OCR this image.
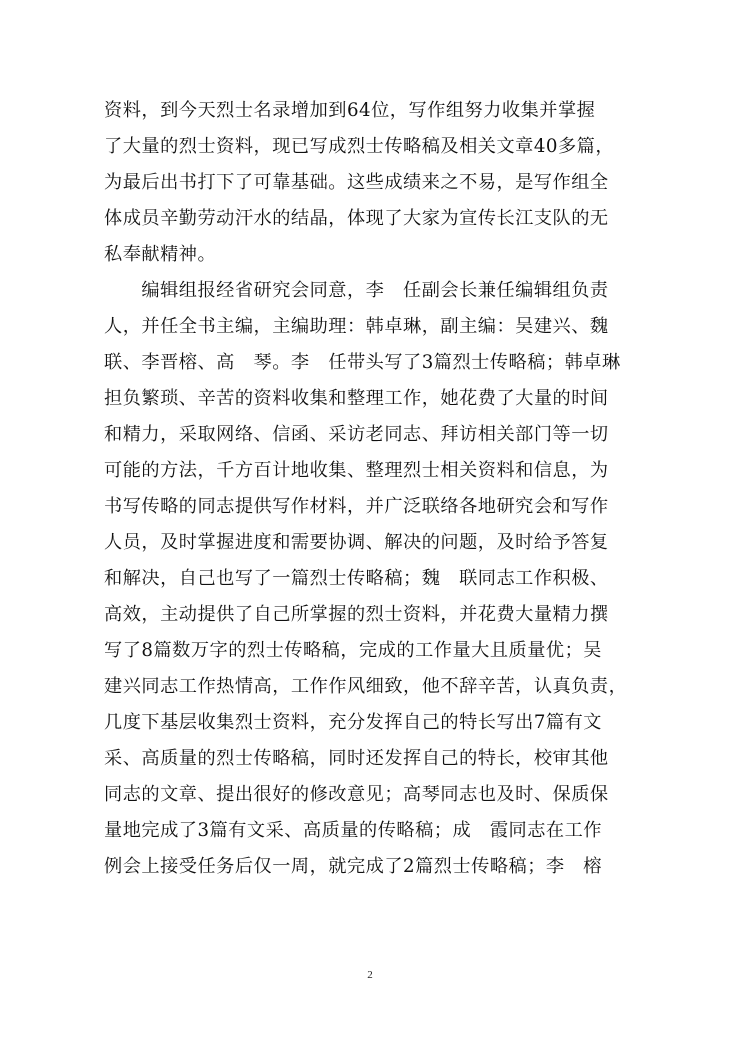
资料，到今天烈士名录增加到64位，写作组努力收集并掌握
了大量的烈士资料，现已写成烈士传略稿及相关文章40多篇，
为最后出书打下了可靠基础。这些成绩来之不易，是写作组全
体成员辛勤劳动汗水的结晶，体现了大家为宣传长江支队的无
私奉献精神。
　　编辑组报经省研究会同意，李　任副会长兼任编辑组负责
人，并任全书主编，主编助理：韩卓琳，副主编：吴建兴、魏
联、李晋榕、高　琴。李　任带头写了3篇烈士传略稿；韩卓琳
担负繁琐、辛苦的资料收集和整理工作，她花费了大量的时间
和精力，采取网络、信函、采访老同志、拜访相关部门等一切
可能的方法，千方百计地收集、整理烈士相关资料和信息，为
书写传略的同志提供写作材料，并广泛联络各地研究会和写作
人员，及时掌握进度和需要协调、解决的问题，及时给予答复
和解决，自己也写了一篇烈士传略稿；魏　联同志工作积极、
高效，主动提供了自己所掌握的烈士资料，并花费大量精力撰
写了8篇数万字的烈士传略稿，完成的工作量大且质量优；吴
建兴同志工作热情高，工作作风细致，他不辞辛苦，认真负责，
几度下基层收集烈士资料，充分发挥自己的特长写出7篇有文
采、高质量的烈士传略稿，同时还发挥自己的特长，校审其他
同志的文章、提出很好的修改意见；高琴同志也及时、保质保
量地完成了3篇有文采、高质量的传略稿；成　霞同志在工作
例会上接受任务后仅一周，就完成了2篇烈士传略稿；李　榕
2
